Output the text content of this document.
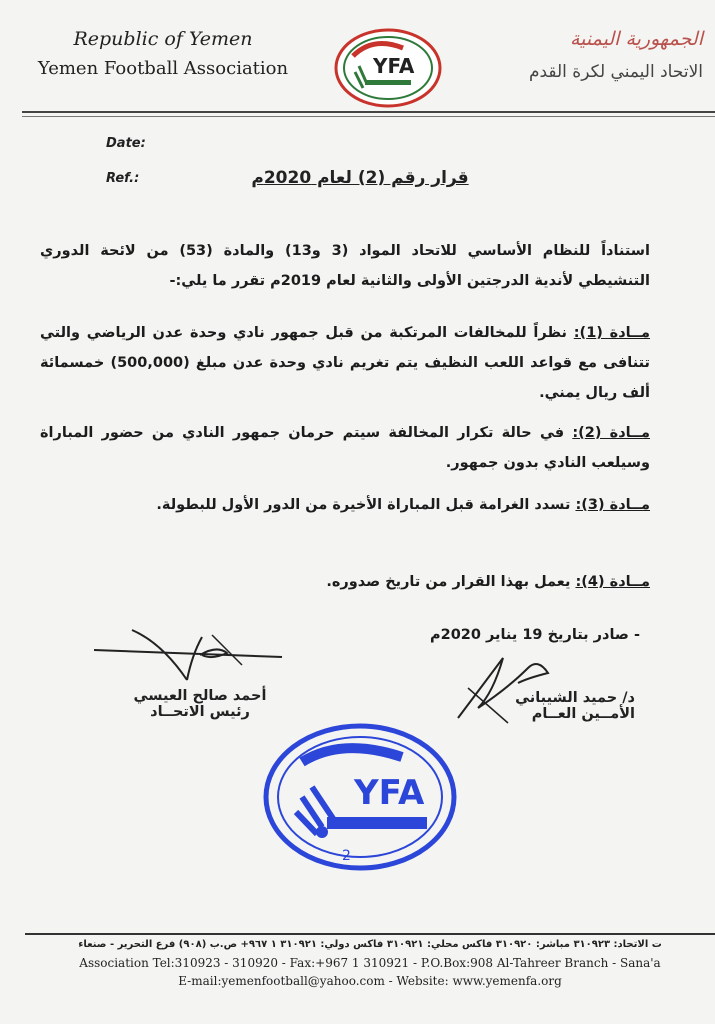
Republic of Yemen
Yemen Football Association	YFA
الجمهورية اليمنية
الاتحاد اليمني لكرة القدم
Date:
Ref.:	قرار رقم (2) لعام 2020م
استناداً للنظام الأساسي للاتحاد المواد (3 و13) والمادة (53) من لائحة الدوري التنشيطي لأندية الدرجتين الأولى والثانية لعام 2019م تقرر ما يلي:-
مــادة (1): نظراً للمخالفات المرتكبة من قبل جمهور نادي وحدة عدن الرياضي والتي تتنافى مع قواعد اللعب النظيف يتم تغريم نادي وحدة عدن مبلغ (500,000) خمسمائة ألف ريال يمني.
مــادة (2): في حالة تكرار المخالفة سيتم حرمان جمهور النادي من حضور المباراة وسيلعب النادي بدون جمهور.
مــادة (3): تسدد الغرامة قبل المباراة الأخيرة من الدور الأول للبطولة.
مــادة (4): يعمل بهذا القرار من تاريخ صدوره.
- صادر بتاريخ 19 يناير 2020م
أحمد صالح العيسي
رئيس الاتحــاد
د/ حميد الشيباني
الأمــين العــام
YFA
2
ت الاتحاد: ٣١٠٩٢٣ مباشر: ٣١٠٩٢٠ فاكس محلي: ٣١٠٩٢١ فاكس دولي: ٣١٠٩٢١ ١ ٩٦٧+ ص.ب (٩٠٨) فرع التحرير - صنعاء
Association Tel:310923 - 310920 - Fax:+967 1 310921 - P.O.Box:908 Al-Tahreer Branch - Sana'a
E-mail:yemenfootball@yahoo.com - Website: www.yemenfa.org
